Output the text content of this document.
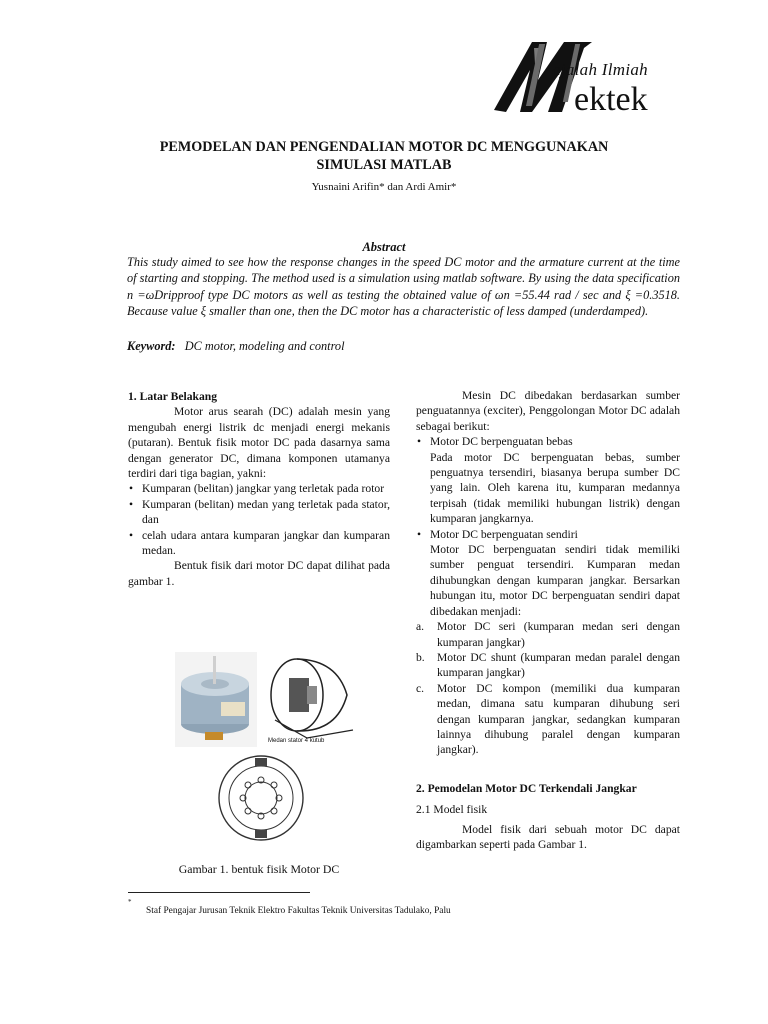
ajalah Ilmiah
ektek
PEMODELAN DAN PENGENDALIAN MOTOR DC MENGGUNAKAN
SIMULASI MATLAB
Yusnaini Arifin* dan Ardi Amir*
Abstract
This study aimed to see how the response changes in the speed DC motor and the armature current at the time of starting and stopping. The method used is a simulation using matlab software. By using the data specification n =ωDripproof type DC motors as well as testing the obtained value of ωn =55.44 rad / sec and ξ =0.3518. Because value ξ smaller than one, then the DC motor has a characteristic of less damped (underdamped).
Keyword: DC motor, modeling and control

1. Latar Belakang

Motor arus searah (DC) adalah mesin yang mengubah energi listrik dc menjadi energi mekanis (putaran). Bentuk fisik motor DC pada dasarnya sama dengan generator DC, dimana komponen utamanya terdiri dari tiga bagian, yakni:

• Kumparan (belitan) jangkar yang terletak pada rotor
• Kumparan (belitan) medan yang terletak pada stator, dan
• celah udara antara kumparan jangkar dan kumparan medan.

Bentuk fisik dari motor DC dapat dilihat pada gambar 1.

Medan stator 4 kutub
Gambar 1. bentuk fisik Motor DC

Mesin DC dibedakan berdasarkan sumber penguatannya (exciter), Penggolongan Motor DC adalah sebagai berikut:

• Motor DC berpenguatan bebas

Pada motor DC berpenguatan bebas, sumber penguatnya tersendiri, biasanya berupa sumber DC yang lain. Oleh karena itu, kumparan medannya terpisah (tidak memiliki hubungan listrik) dengan kumparan jangkarnya.

• Motor DC berpenguatan sendiri

Motor DC berpenguatan sendiri tidak memiliki sumber penguat tersendiri. Kumparan medan dihubungkan dengan kumparan jangkar. Bersarkan hubungan itu, motor DC berpenguatan sendiri dapat dibedakan menjadi:

a. Motor DC seri (kumparan medan seri dengan kumparan jangkar)
b. Motor DC shunt (kumparan medan paralel dengan kumparan jangkar)
c. Motor DC kompon (memiliki dua kumparan medan, dimana satu kumparan dihubung seri dengan kumparan jangkar, sedangkan kumparan lainnya dihubung paralel dengan kumparan jangkar).

2. Pemodelan Motor DC Terkendali Jangkar

2.1 Model fisik

Model fisik dari sebuah motor DC dapat digambarkan seperti pada Gambar 1.

*
Staf Pengajar Jurusan Teknik Elektro Fakultas Teknik Universitas Tadulako, Palu
